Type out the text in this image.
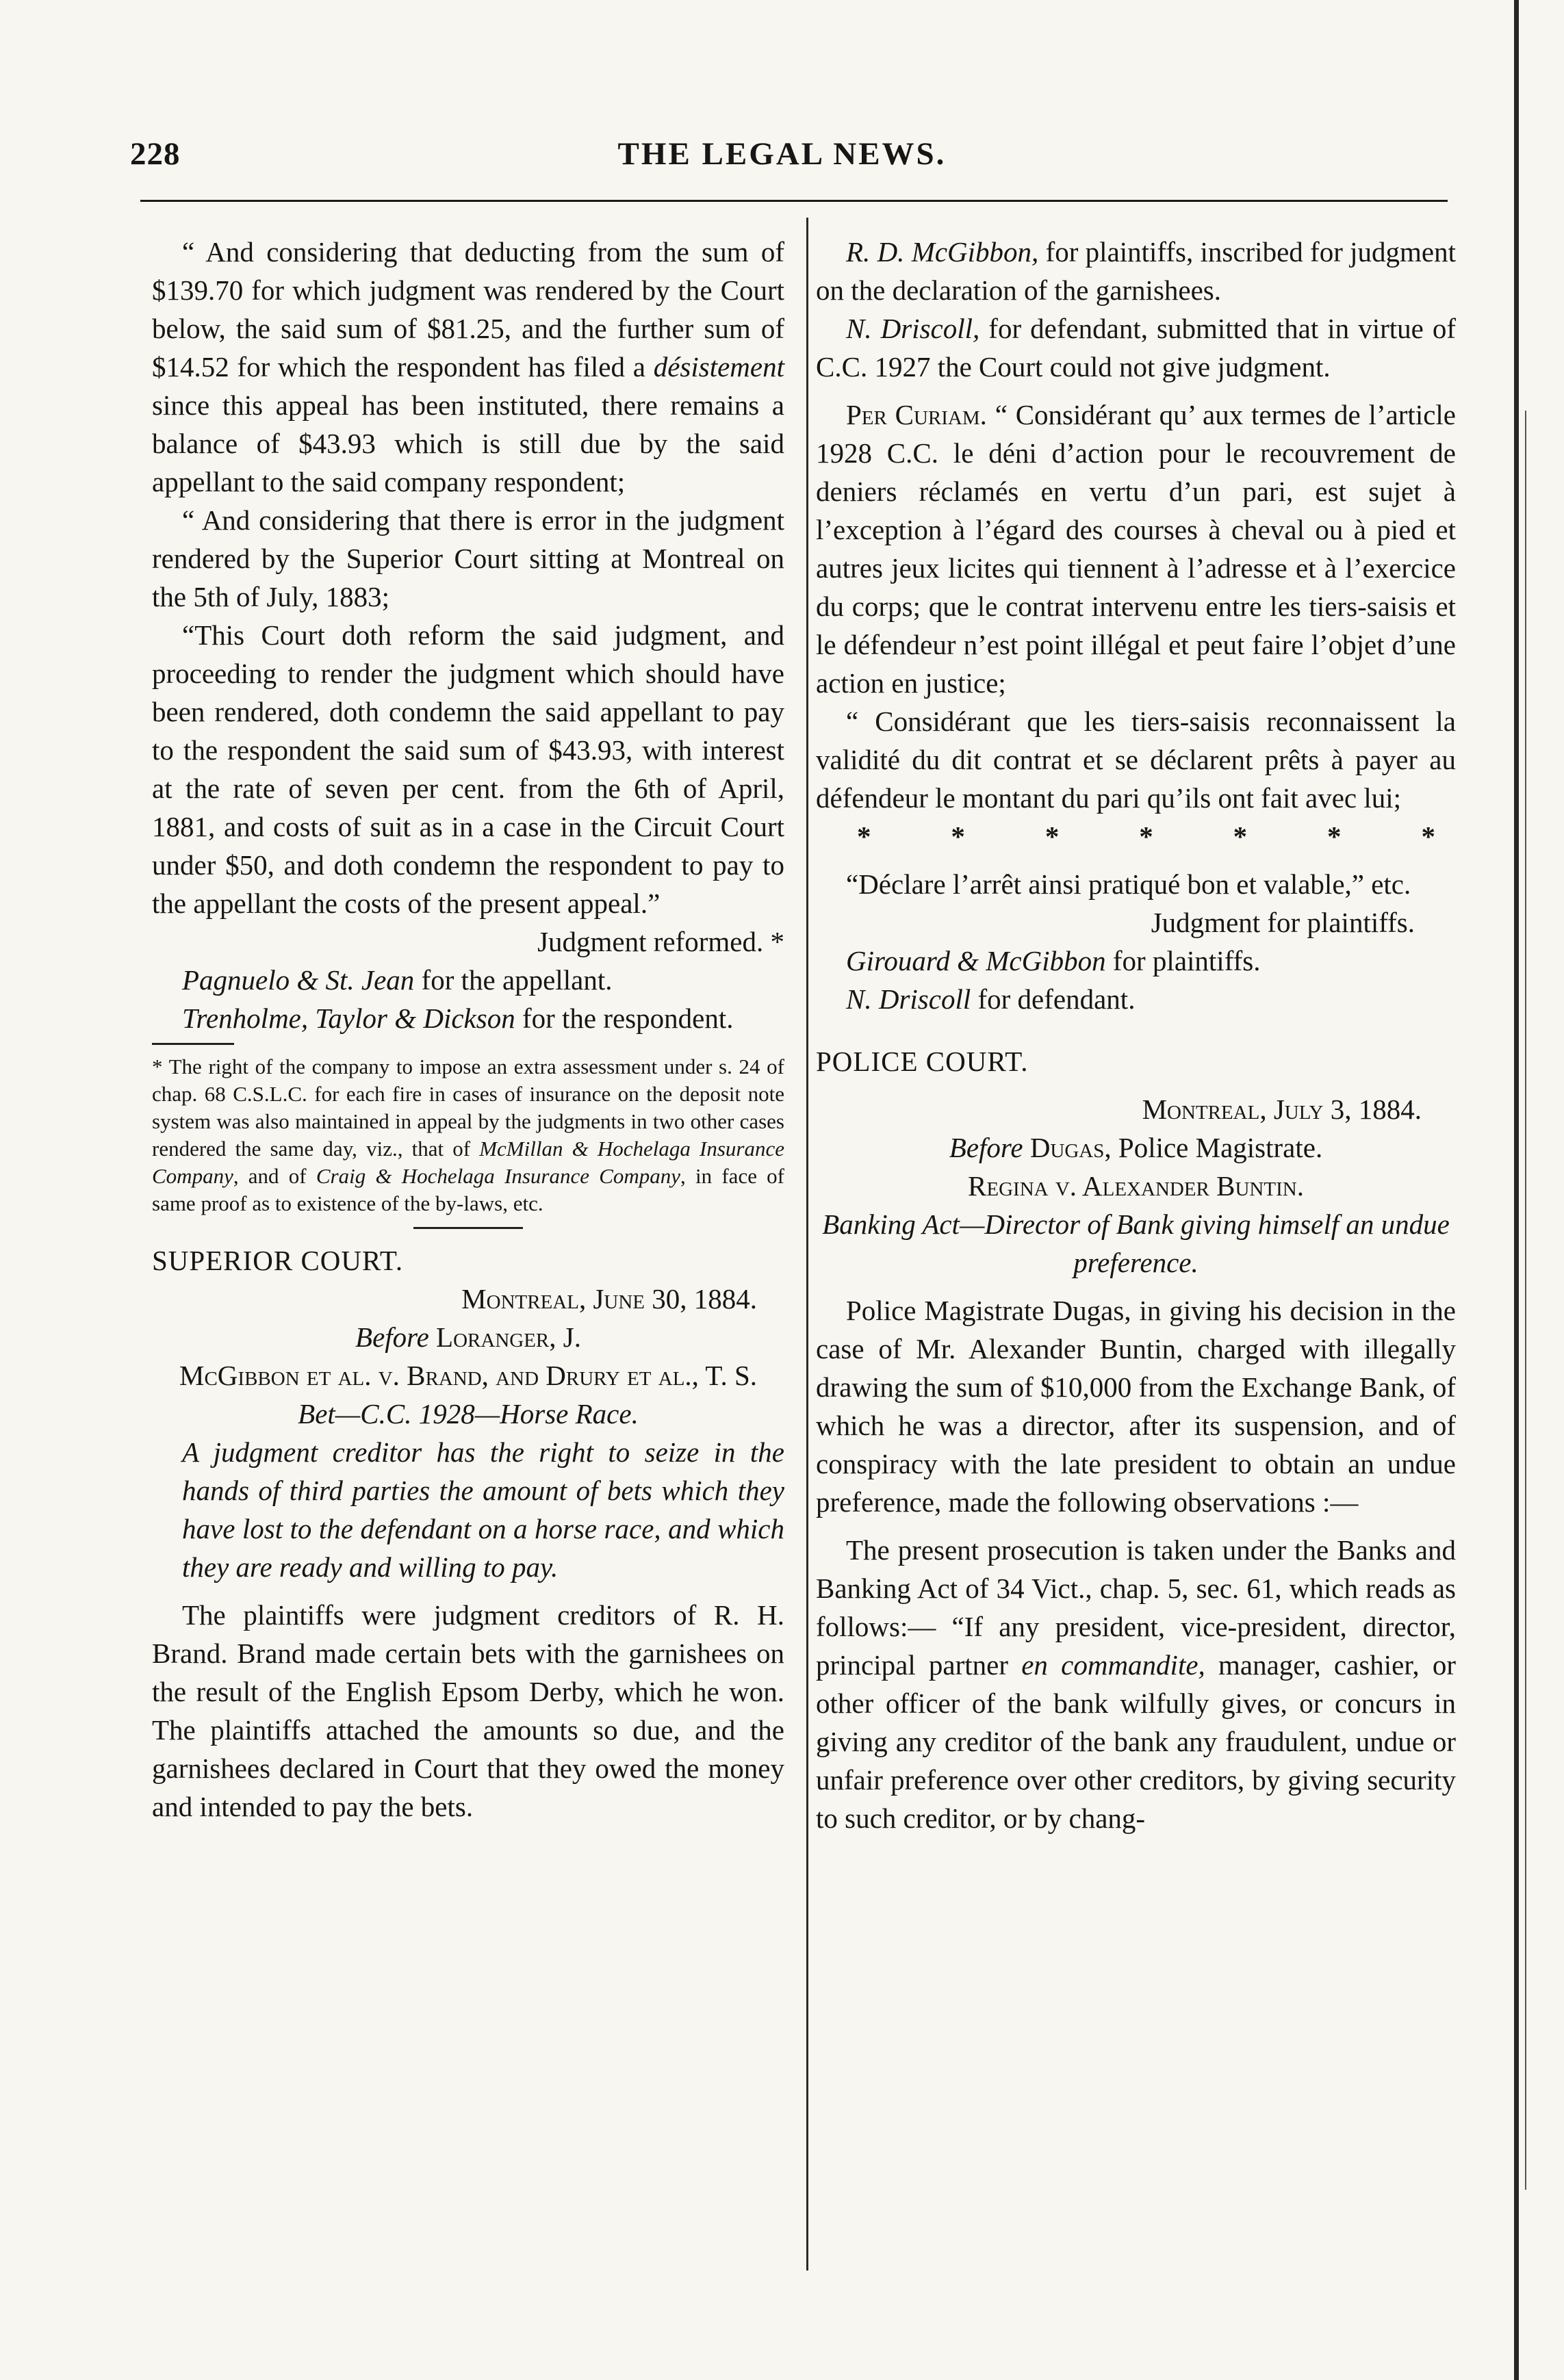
228	THE LEGAL NEWS.

“ And considering that deducting from the sum of $139.70 for which judgment was rendered by the Court below, the said sum of $81.25, and the further sum of $14.52 for which the respondent has filed a désistement since this appeal has been instituted, there remains a balance of $43.93 which is still due by the said appellant to the said company respondent;

“ And considering that there is error in the judgment rendered by the Superior Court sitting at Montreal on the 5th of July, 1883;

“This Court doth reform the said judgment, and proceeding to render the judgment which should have been rendered, doth condemn the said appellant to pay to the respondent the said sum of $43.93, with interest at the rate of seven per cent. from the 6th of April, 1881, and costs of suit as in a case in the Circuit Court under $50, and doth condemn the respondent to pay to the appellant the costs of the present appeal.”

Judgment reformed. *

Pagnuelo & St. Jean for the appellant.

Trenholme, Taylor & Dickson for the respondent.

* The right of the company to impose an extra assessment under s. 24 of chap. 68 C.S.L.C. for each fire in cases of insurance on the deposit note system was also maintained in appeal by the judgments in two other cases rendered the same day, viz., that of McMillan & Hochelaga Insurance Company, and of Craig & Hochelaga Insurance Company, in face of same proof as to existence of the by-laws, etc.

SUPERIOR COURT.

Montreal, June 30, 1884.

Before Loranger, J.

McGibbon et al. v. Brand, and Drury et al., T. S.

Bet—C.C. 1928—Horse Race.

A judgment creditor has the right to seize in the hands of third parties the amount of bets which they have lost to the defendant on a horse race, and which they are ready and willing to pay.

The plaintiffs were judgment creditors of R. H. Brand. Brand made certain bets with the garnishees on the result of the English Epsom Derby, which he won. The plaintiffs attached the amounts so due, and the garnishees declared in Court that they owed the money and intended to pay the bets.

R. D. McGibbon, for plaintiffs, inscribed for judgment on the declaration of the garnishees.

N. Driscoll, for defendant, submitted that in virtue of C.C. 1927 the Court could not give judgment.

Per Curiam. “ Considérant qu’ aux termes de l’article 1928 C.C. le déni d’action pour le recouvrement de deniers réclamés en vertu d’un pari, est sujet à l’exception à l’égard des courses à cheval ou à pied et autres jeux licites qui tiennent à l’adresse et à l’exercice du corps; que le contrat intervenu entre les tiers-saisis et le défendeur n’est point illégal et peut faire l’objet d’une action en justice;

“ Considérant que les tiers-saisis reconnaissent la validité du dit contrat et se déclarent prêts à payer au défendeur le montant du pari qu’ils ont fait avec lui;

*	*	*	*	*	*	*

“Déclare l’arrêt ainsi pratiqué bon et valable,” etc.

Judgment for plaintiffs.

Girouard & McGibbon for plaintiffs.

N. Driscoll for defendant.

POLICE COURT.

Montreal, July 3, 1884.

Before Dugas, Police Magistrate.

Regina v. Alexander Buntin.

Banking Act—Director of Bank giving himself an undue preference.

Police Magistrate Dugas, in giving his decision in the case of Mr. Alexander Buntin, charged with illegally drawing the sum of $10,000 from the Exchange Bank, of which he was a director, after its suspension, and of conspiracy with the late president to obtain an undue preference, made the following observations :—

The present prosecution is taken under the Banks and Banking Act of 34 Vict., chap. 5, sec. 61, which reads as follows:— “If any president, vice-president, director, principal partner en commandite, manager, cashier, or other officer of the bank wilfully gives, or concurs in giving any creditor of the bank any fraudulent, undue or unfair preference over other creditors, by giving security to such creditor, or by chang-
